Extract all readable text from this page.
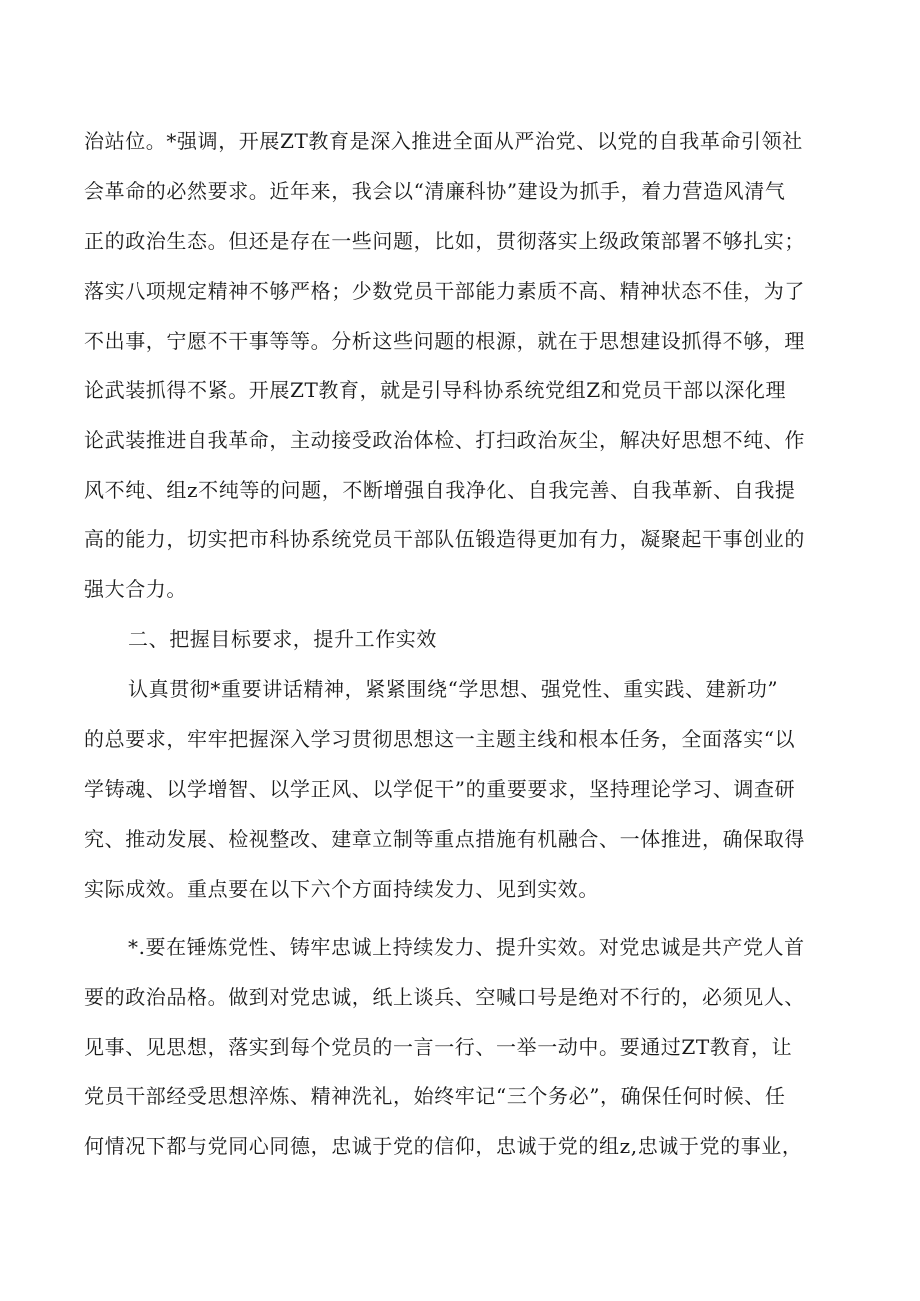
治站位。*强调，开展ZT教育是深入推进全面从严治党、以党的自我革命引领社

会革命的必然要求。近年来，我会以“清廉科协”建设为抓手，着力营造风清气

正的政治生态。但还是存在一些问题，比如，贯彻落实上级政策部署不够扎实；

落实八项规定精神不够严格；少数党员干部能力素质不高、精神状态不佳，为了

不出事，宁愿不干事等等。分析这些问题的根源，就在于思想建设抓得不够，理

论武装抓得不紧。开展ZT教育，就是引导科协系统党组Z和党员干部以深化理

论武装推进自我革命，主动接受政治体检、打扫政治灰尘，解决好思想不纯、作

风不纯、组z不纯等的问题，不断增强自我净化、自我完善、自我革新、自我提

高的能力，切实把市科协系统党员干部队伍锻造得更加有力，凝聚起干事创业的

强大合力。

二、把握目标要求，提升工作实效

认真贯彻*重要讲话精神，紧紧围绕“学思想、强党性、重实践、建新功”

的总要求，牢牢把握深入学习贯彻思想这一主题主线和根本任务，全面落实“以

学铸魂、以学增智、以学正风、以学促干”的重要要求，坚持理论学习、调查研

究、推动发展、检视整改、建章立制等重点措施有机融合、一体推进，确保取得

实际成效。重点要在以下六个方面持续发力、见到实效。

*.要在锤炼党性、铸牢忠诚上持续发力、提升实效。对党忠诚是共产党人首

要的政治品格。做到对党忠诚，纸上谈兵、空喊口号是绝对不行的，必须见人、

见事、见思想，落实到每个党员的一言一行、一举一动中。要通过ZT教育，让

党员干部经受思想淬炼、精神洗礼，始终牢记“三个务必”，确保任何时候、任

何情况下都与党同心同德，忠诚于党的信仰，忠诚于党的组z,忠诚于党的事业，
